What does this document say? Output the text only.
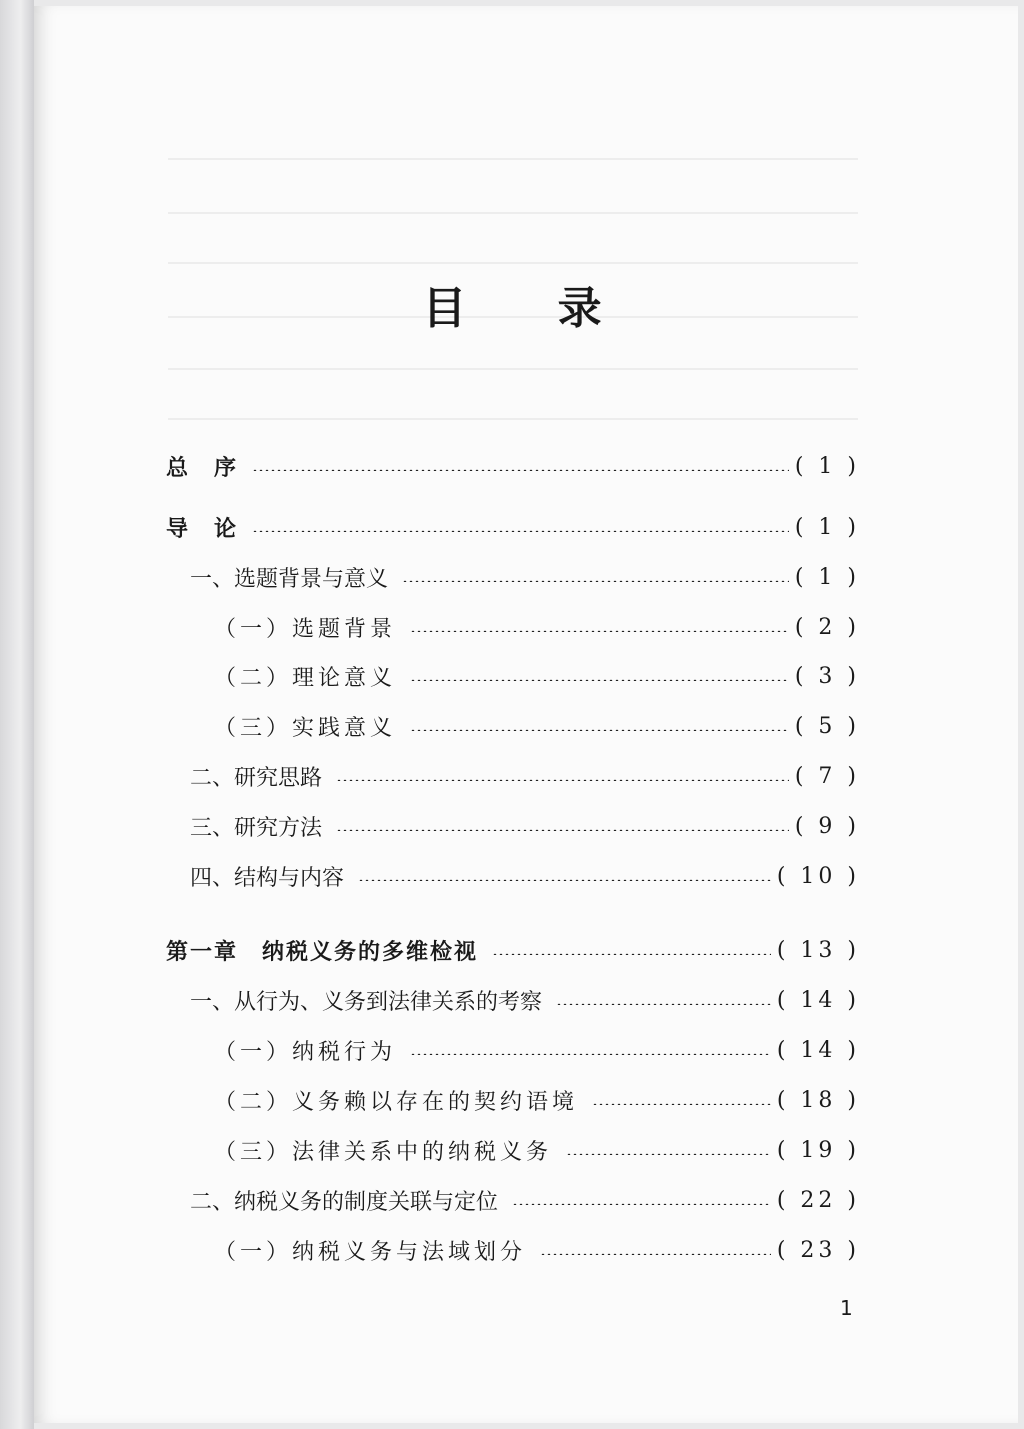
目 录
总　序	( 1 )
导　论	( 1 )
一、选题背景与意义	( 1 )
（一）选题背景	( 2 )
（二）理论意义	( 3 )
（三）实践意义	( 5 )
二、研究思路	( 7 )
三、研究方法	( 9 )
四、结构与内容	( 10 )
第一章　纳税义务的多维检视	( 13 )
一、从行为、义务到法律关系的考察	( 14 )
（一）纳税行为	( 14 )
（二）义务赖以存在的契约语境	( 18 )
（三）法律关系中的纳税义务	( 19 )
二、纳税义务的制度关联与定位	( 22 )
（一）纳税义务与法域划分	( 23 )
1
